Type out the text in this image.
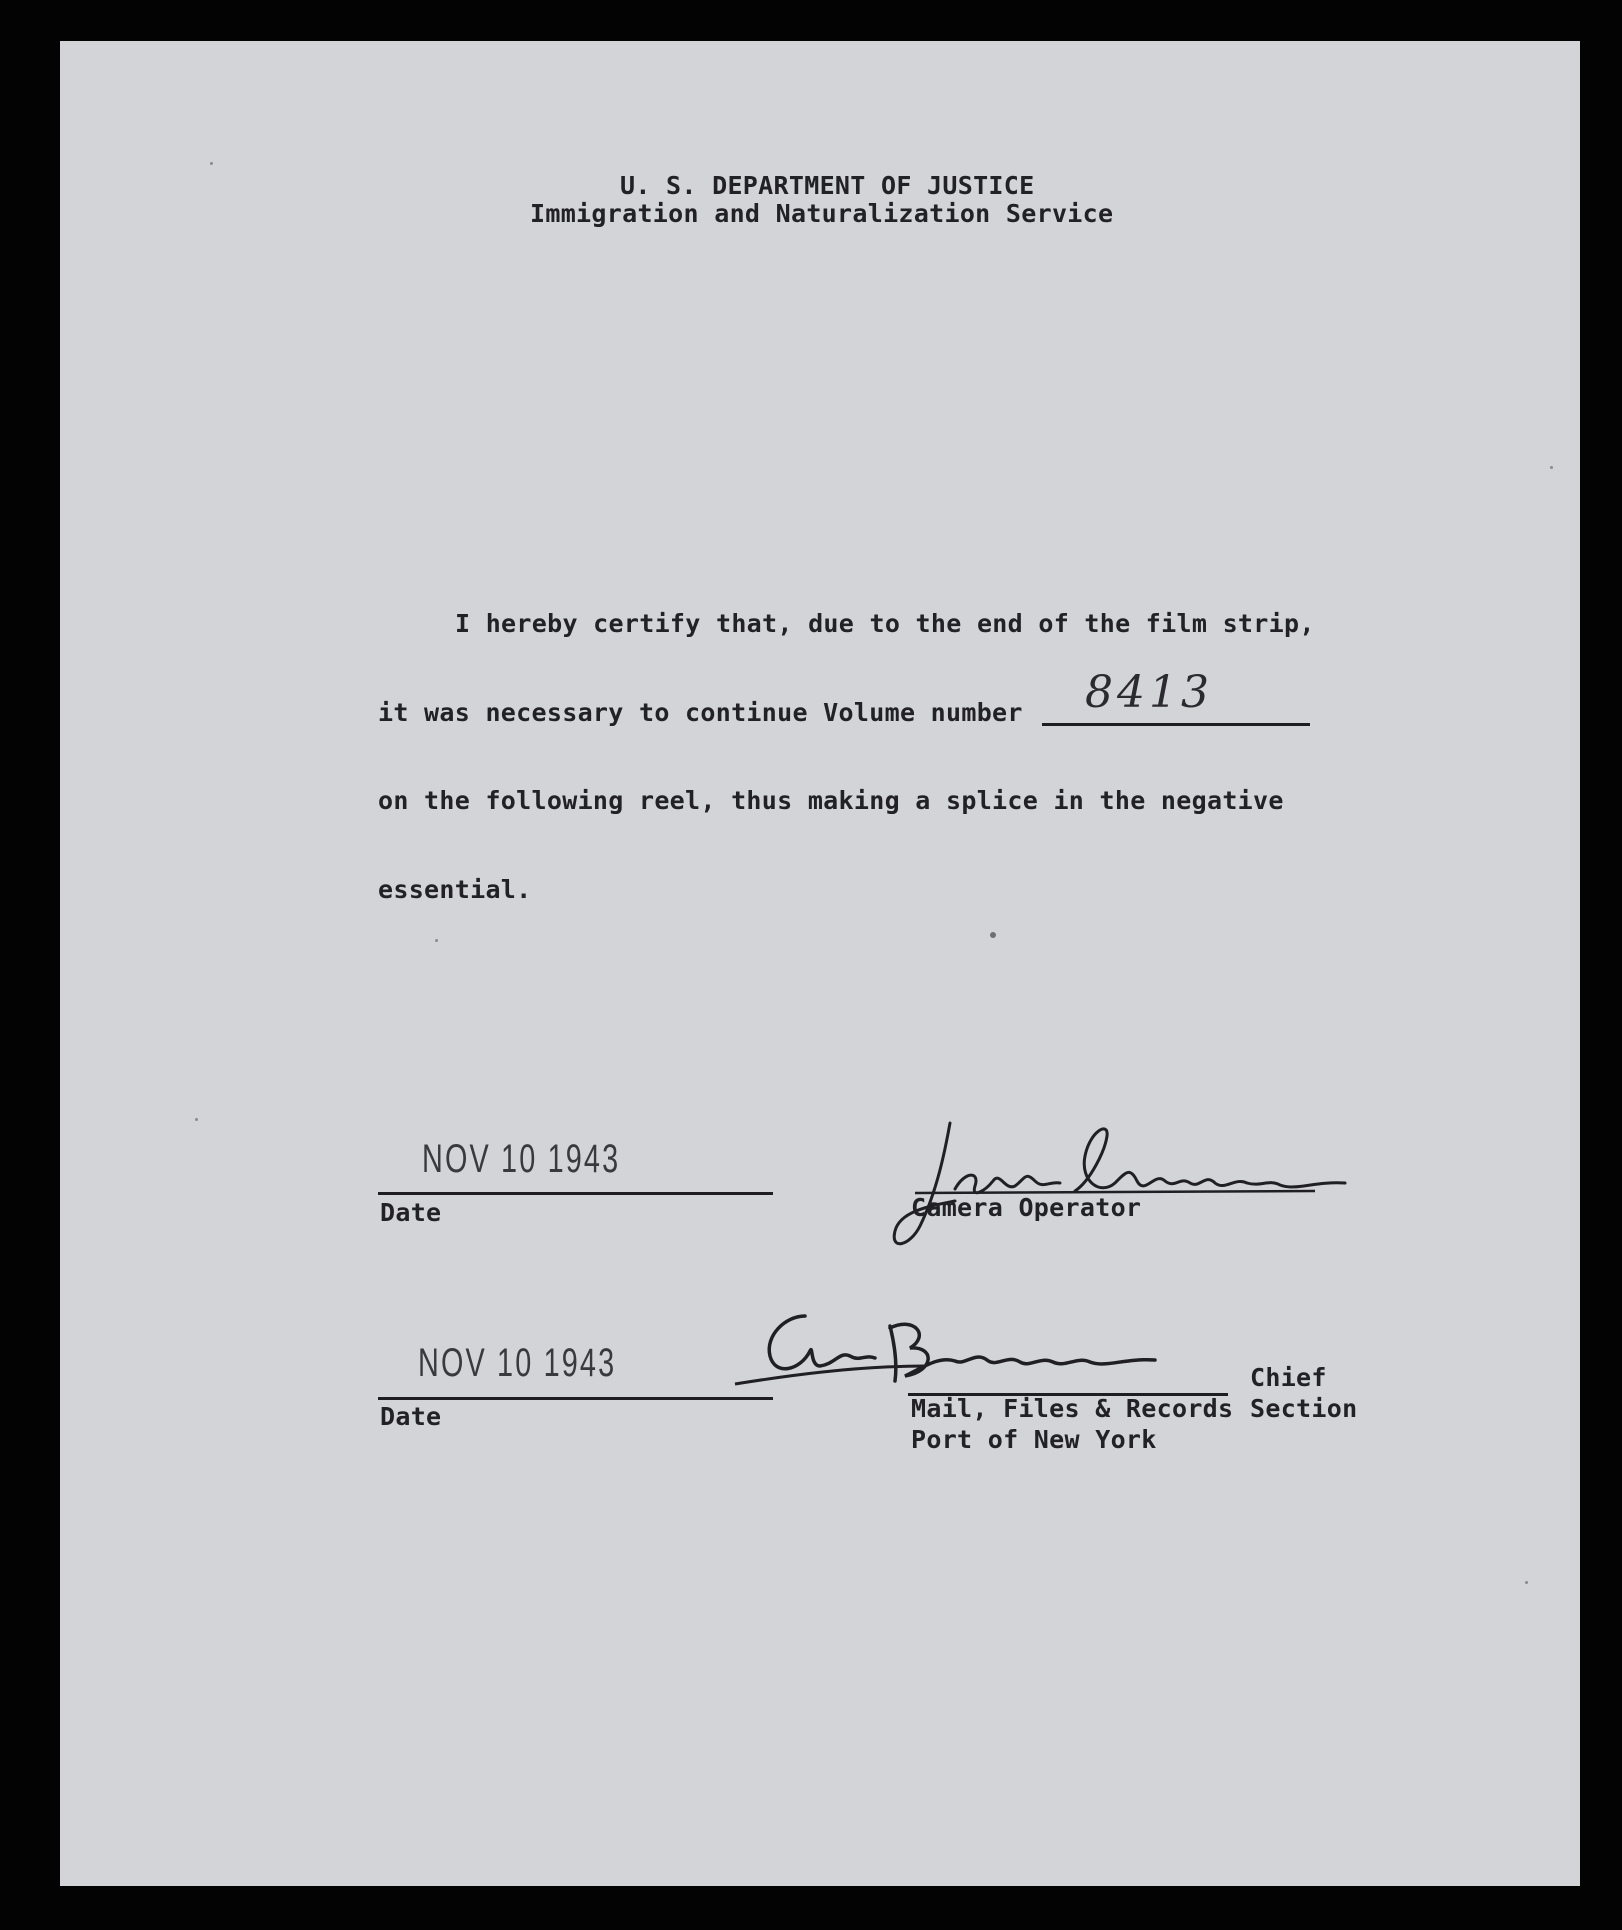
U. S. DEPARTMENT OF JUSTICE
Immigration and Naturalization Service
I hereby certify that, due to the end of the film strip,
it was necessary to continue Volume number 8413
on the following reel, thus making a splice in the negative
essential.
NOV 10 1943
Date	Camera Operator
NOV 10 1943
Date
Chief
Mail, Files & Records Section
Port of New York
